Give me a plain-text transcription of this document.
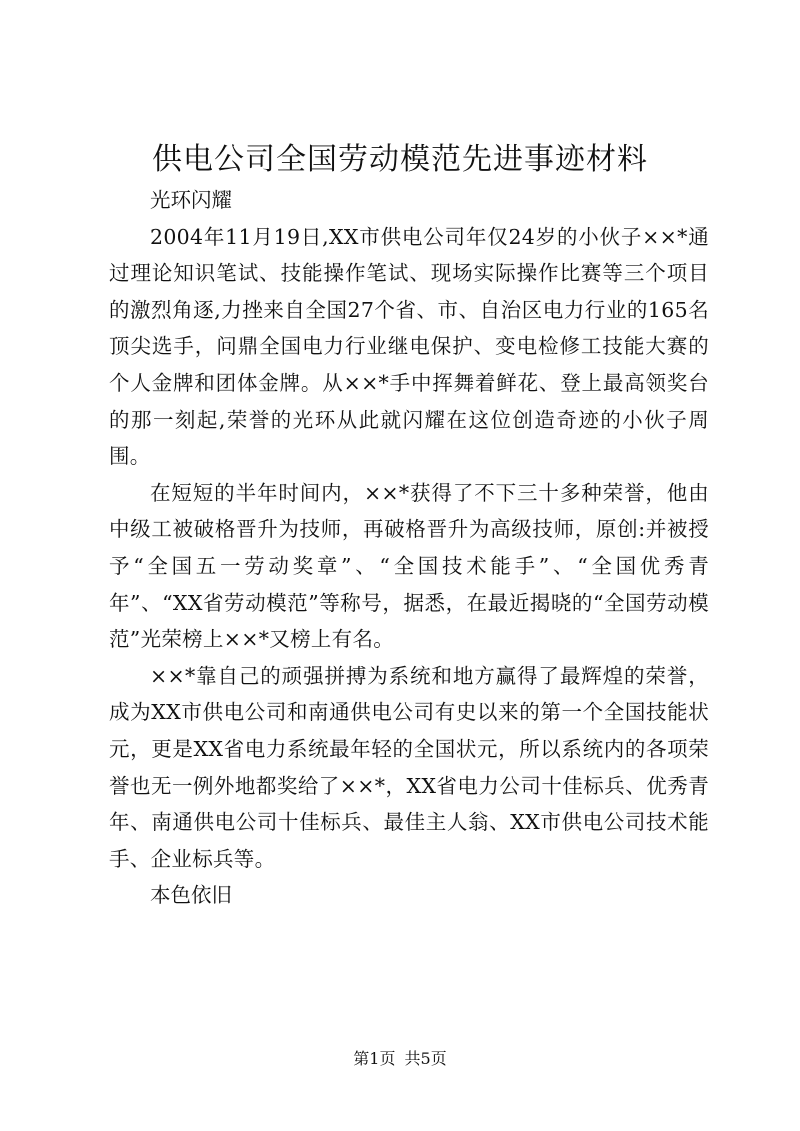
供电公司全国劳动模范先进事迹材料

光环闪耀

2004年11月19日,XX市供电公司年仅24岁的小伙子××*通过理论知识笔试、技能操作笔试、现场实际操作比赛等三个项目的激烈角逐,力挫来自全国27个省、市、自治区电力行业的165名顶尖选手，问鼎全国电力行业继电保护、变电检修工技能大赛的个人金牌和团体金牌。从××*手中挥舞着鲜花、登上最高领奖台的那一刻起,荣誉的光环从此就闪耀在这位创造奇迹的小伙子周围。

在短短的半年时间内，××*获得了不下三十多种荣誉，他由中级工被破格晋升为技师，再破格晋升为高级技师，原创:并被授予“全国五一劳动奖章”、“全国技术能手”、“全国优秀青年”、“XX省劳动模范”等称号，据悉，在最近揭晓的“全国劳动模范”光荣榜上××*又榜上有名。

××*靠自己的顽强拼搏为系统和地方赢得了最辉煌的荣誉，成为XX市供电公司和南通供电公司有史以来的第一个全国技能状元，更是XX省电力系统最年轻的全国状元，所以系统内的各项荣誉也无一例外地都奖给了××*，XX省电力公司十佳标兵、优秀青年、南通供电公司十佳标兵、最佳主人翁、XX市供电公司技术能手、企业标兵等。

本色依旧

第1页 共5页
